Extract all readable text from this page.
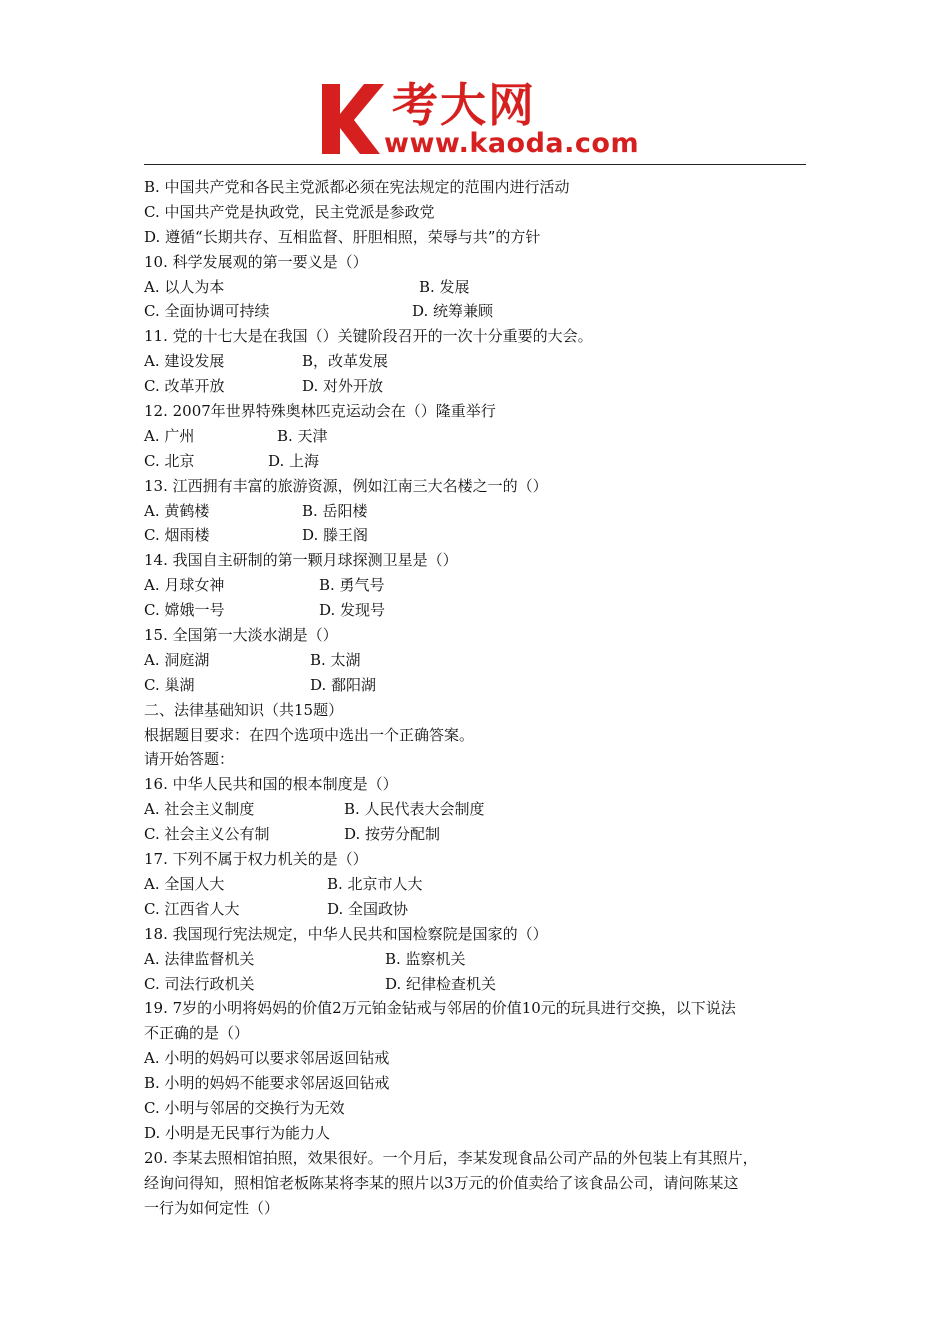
考大网
www.kaoda.com
B. 中国共产党和各民主党派都必须在宪法规定的范围内进行活动
C. 中国共产党是执政党，民主党派是参政党
D. 遵循“长期共存、互相监督、肝胆相照，荣辱与共”的方针
10. 科学发展观的第一要义是（）
A. 以人为本	B. 发展
C. 全面协调可持续	D. 统筹兼顾
11. 党的十七大是在我国（）关键阶段召开的一次十分重要的大会。
A. 建设发展	B，改革发展
C. 改革开放	D. 对外开放
12. 2007年世界特殊奥林匹克运动会在（）隆重举行
A. 广州	B. 天津
C. 北京	D. 上海
13. 江西拥有丰富的旅游资源，例如江南三大名楼之一的（）
A. 黄鹤楼	B. 岳阳楼
C. 烟雨楼	D. 滕王阁
14. 我国自主研制的第一颗月球探测卫星是（）
A. 月球女神	B. 勇气号
C. 嫦娥一号	D. 发现号
15. 全国第一大淡水湖是（）
A. 洞庭湖	B. 太湖
C. 巢湖	D. 鄱阳湖
二、法律基础知识（共15题）
根据题目要求：在四个选项中选出一个正确答案。
请开始答题：
16. 中华人民共和国的根本制度是（）
A. 社会主义制度	B. 人民代表大会制度
C. 社会主义公有制	D. 按劳分配制
17. 下列不属于权力机关的是（）
A. 全国人大	B. 北京市人大
C. 江西省人大	D. 全国政协
18. 我国现行宪法规定，中华人民共和国检察院是国家的（）
A. 法律监督机关	B. 监察机关
C. 司法行政机关	D. 纪律检查机关
19. 7岁的小明将妈妈的价值2万元铂金钻戒与邻居的价值10元的玩具进行交换，以下说法
不正确的是（）
A. 小明的妈妈可以要求邻居返回钻戒
B. 小明的妈妈不能要求邻居返回钻戒
C. 小明与邻居的交换行为无效
D. 小明是无民事行为能力人
20. 李某去照相馆拍照，效果很好。一个月后，李某发现食品公司产品的外包装上有其照片，
经询问得知，照相馆老板陈某将李某的照片以3万元的价值卖给了该食品公司，请问陈某这
一行为如何定性（）
